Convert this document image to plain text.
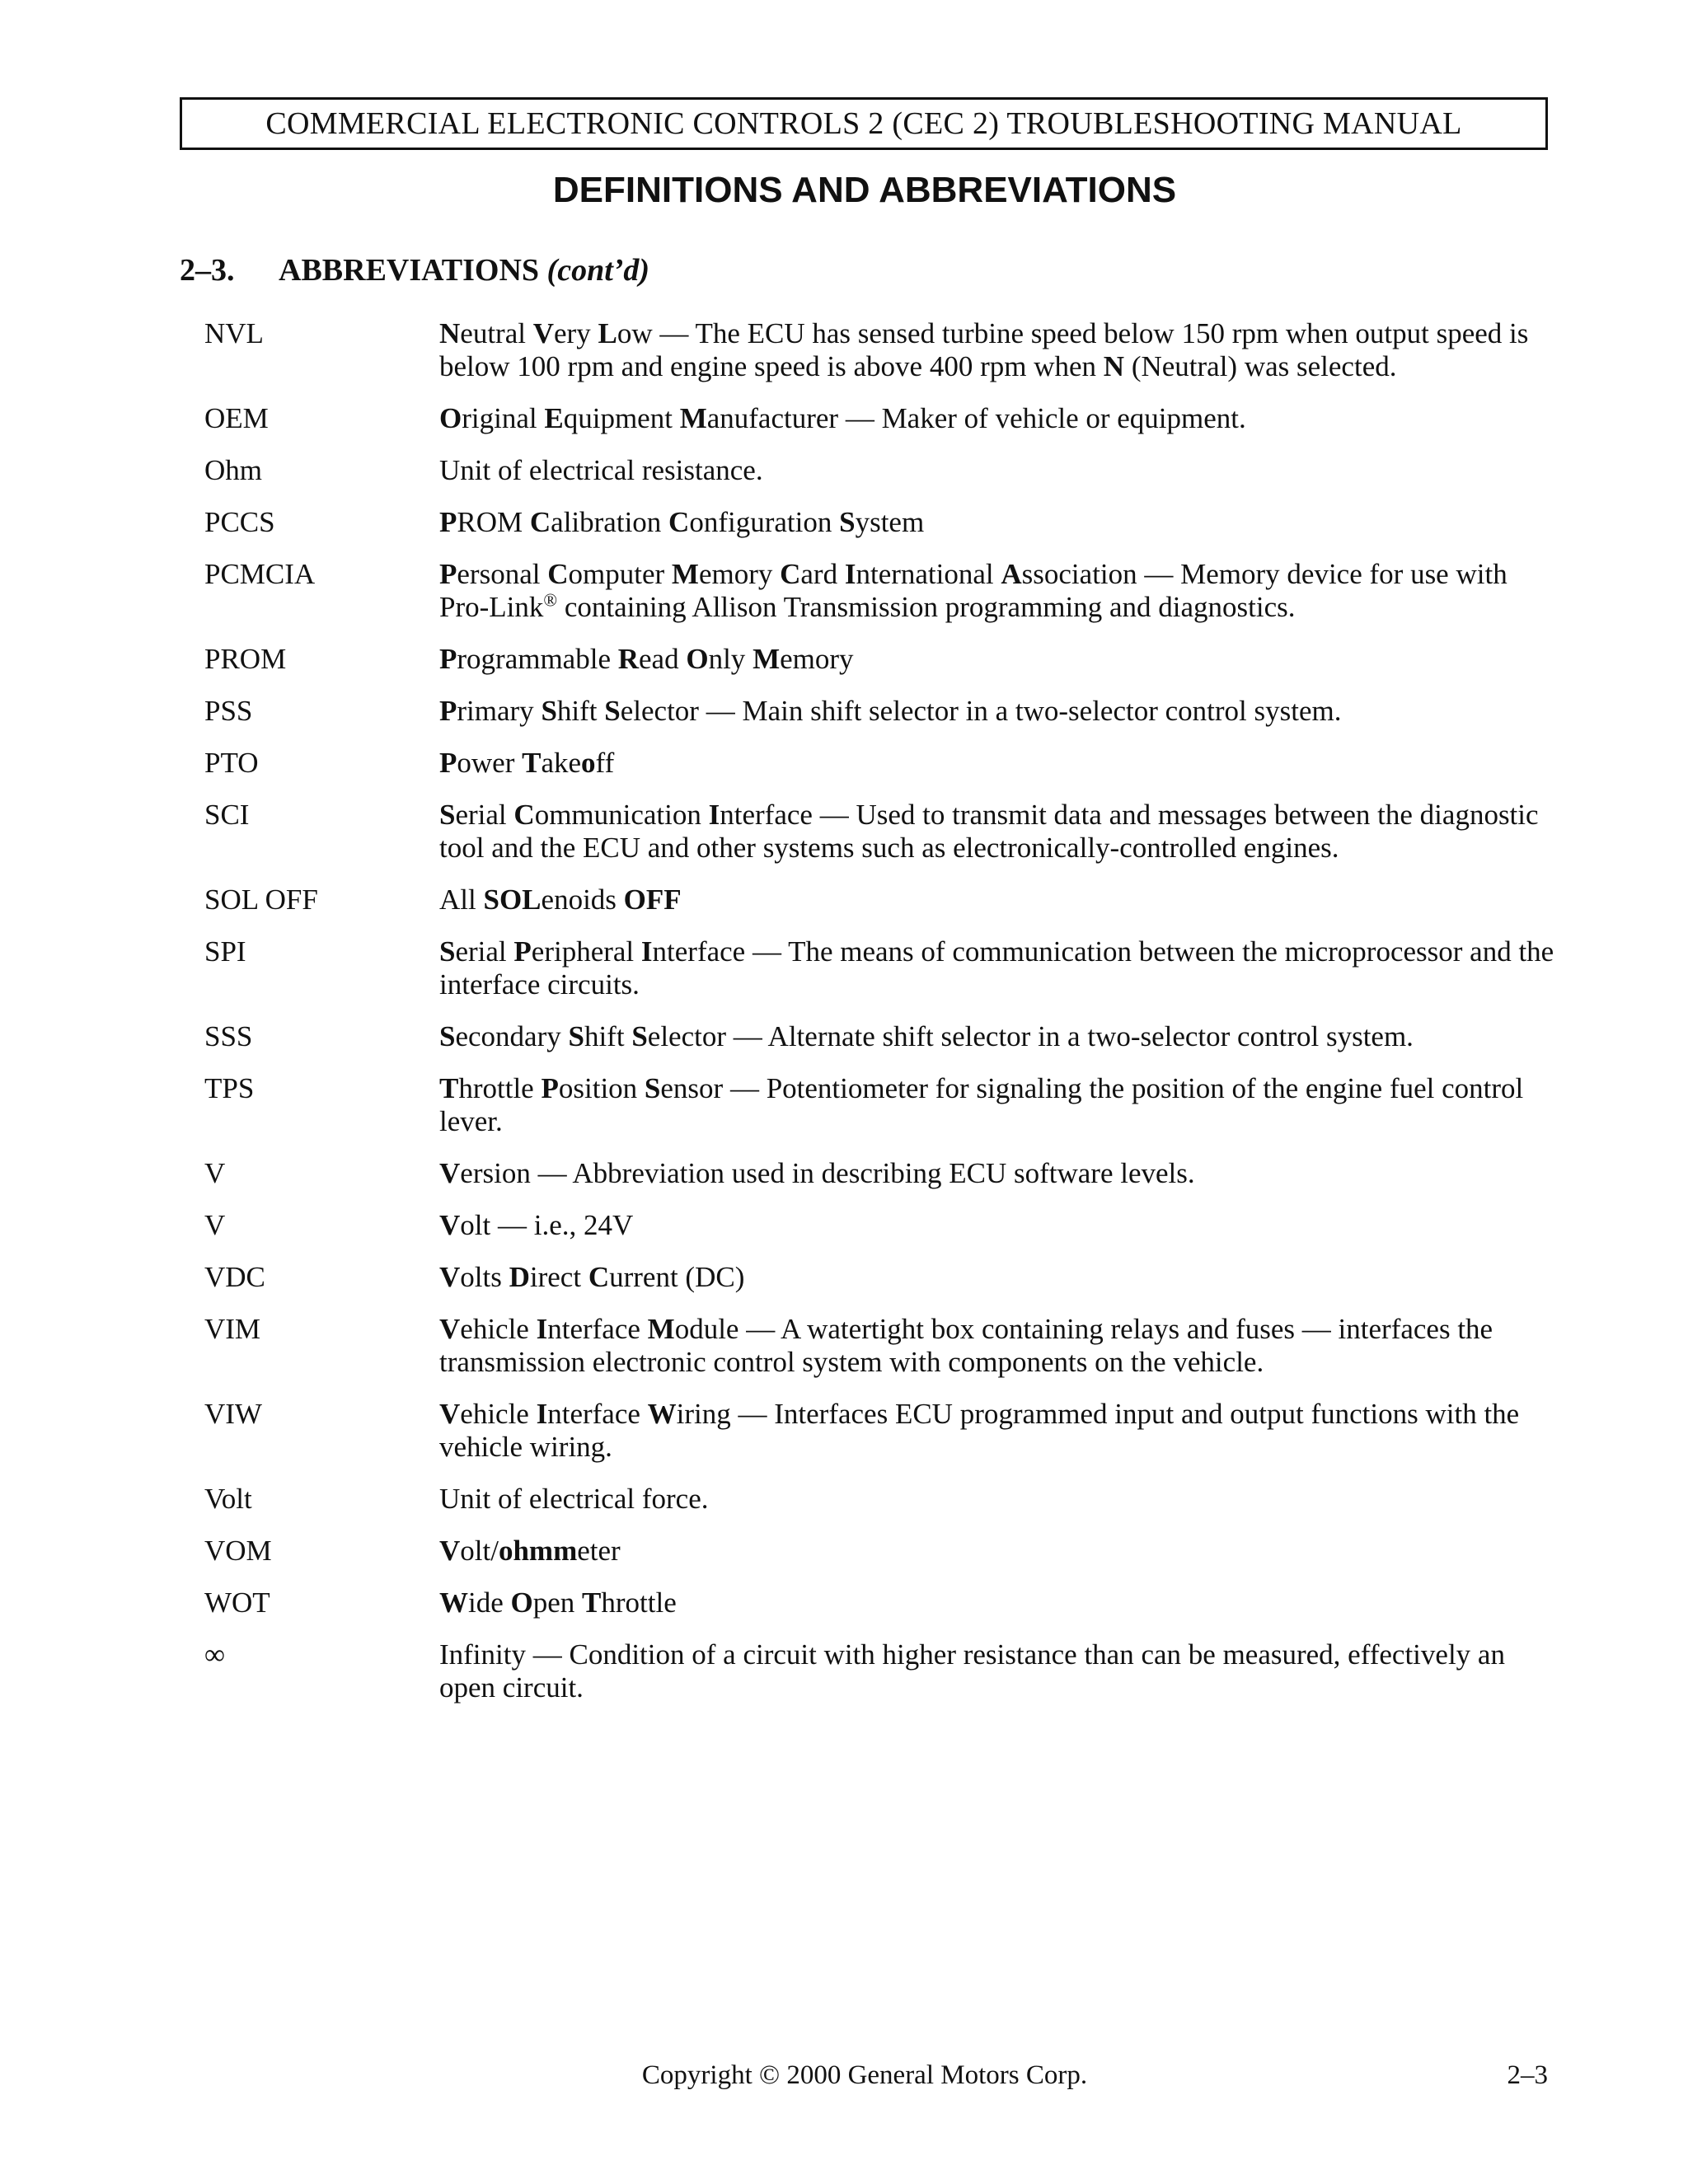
COMMERCIAL ELECTRONIC CONTROLS 2 (CEC 2) TROUBLESHOOTING MANUAL
DEFINITIONS AND ABBREVIATIONS
2–3. ABBREVIATIONS (cont’d)
NVL	Neutral Very Low — The ECU has sensed turbine speed below 150 rpm when output speed is below 100 rpm and engine speed is above 400 rpm when N (Neutral) was selected.
OEM	Original Equipment Manufacturer — Maker of vehicle or equipment.
Ohm	Unit of electrical resistance.
PCCS	PROM Calibration Configuration System
PCMCIA	Personal Computer Memory Card International Association — Memory device for use with Pro-Link® containing Allison Transmission programming and diagnostics.
PROM	Programmable Read Only Memory
PSS	Primary Shift Selector — Main shift selector in a two-selector control system.
PTO	Power Takeoff
SCI	Serial Communication Interface — Used to transmit data and messages between the diagnostic tool and the ECU and other systems such as electronically-controlled engines.
SOL OFF	All SOLenoids OFF
SPI	Serial Peripheral Interface — The means of communication between the microprocessor and the interface circuits.
SSS	Secondary Shift Selector — Alternate shift selector in a two-selector control system.
TPS	Throttle Position Sensor — Potentiometer for signaling the position of the engine fuel control lever.
V	Version — Abbreviation used in describing ECU software levels.
V	Volt — i.e., 24V
VDC	Volts Direct Current (DC)
VIM	Vehicle Interface Module — A watertight box containing relays and fuses — interfaces the transmission electronic control system with components on the vehicle.
VIW	Vehicle Interface Wiring — Interfaces ECU programmed input and output functions with the vehicle wiring.
Volt	Unit of electrical force.
VOM	Volt/ohmmeter
WOT	Wide Open Throttle
∞	Infinity — Condition of a circuit with higher resistance than can be measured, effectively an open circuit.
Copyright © 2000 General Motors Corp.	2–3
